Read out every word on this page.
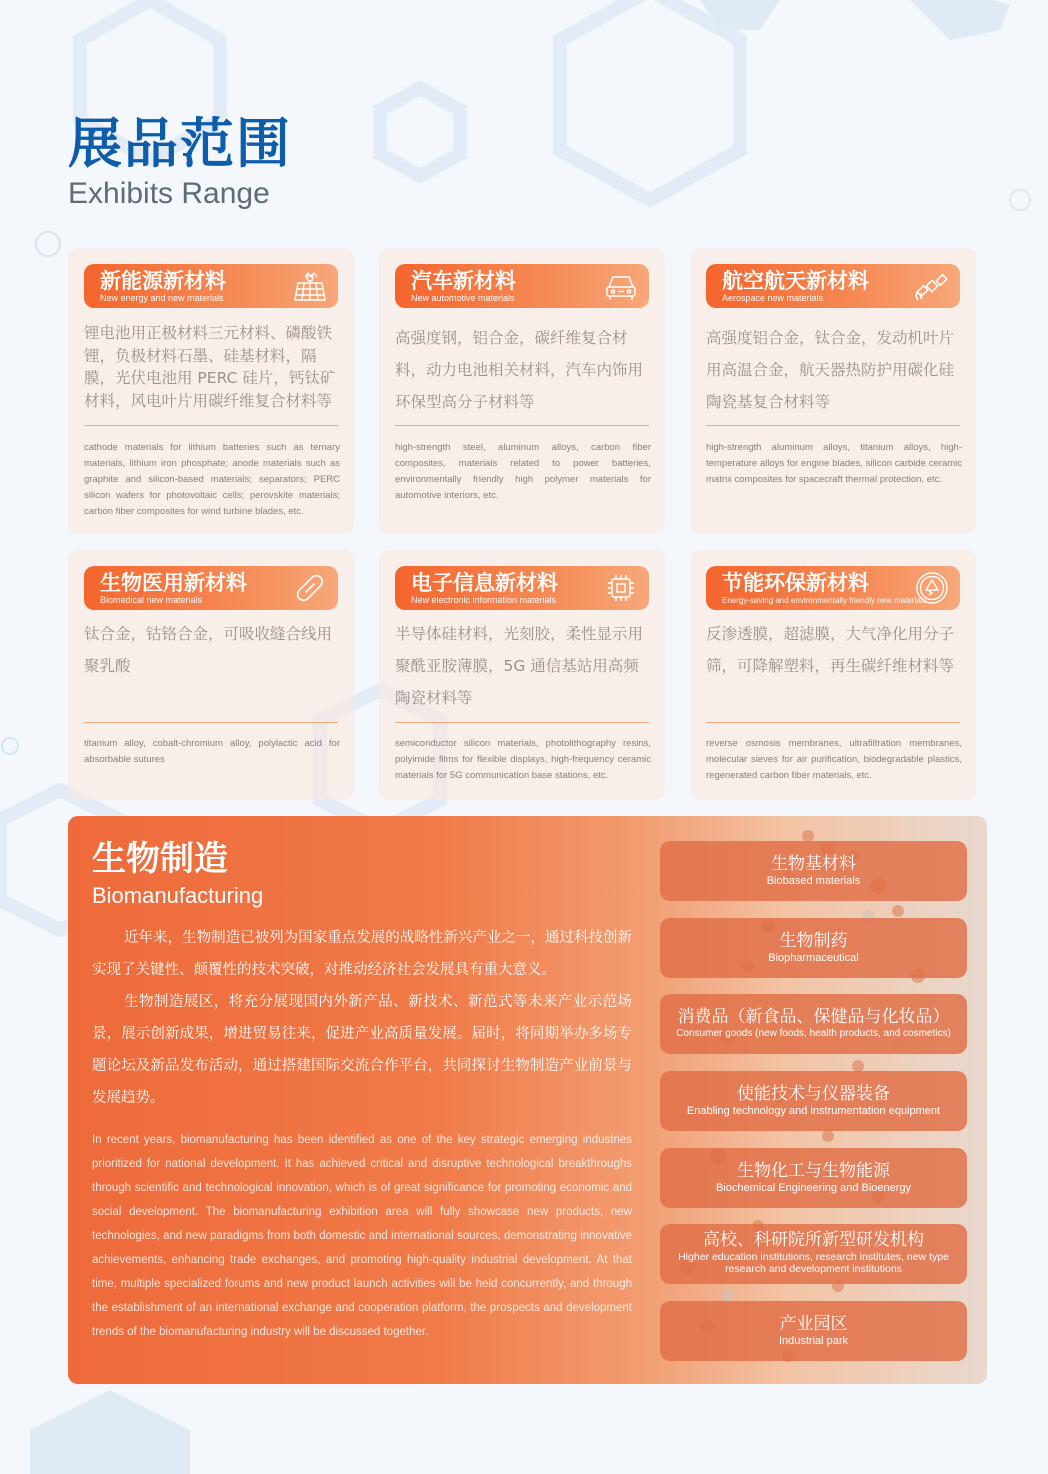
展品范围
Exhibits Range
新能源新材料
New energy and new materials
锂电池用正极材料三元材料、磷酸铁锂，负极材料石墨、硅基材料，隔膜，光伏电池用 PERC 硅片，钙钛矿材料，风电叶片用碳纤维复合材料等
cathode materials for lithium batteries such as ternary materials, lithium iron phosphate; anode materials such as graphite and silicon-based materials; separators; PERC silicon wafers for photovoltaic cells; perovskite materials; carbon fiber composites for wind turbine blades, etc.
汽车新材料
New automotive materials
高强度钢，铝合金，碳纤维复合材料，动力电池相关材料，汽车内饰用环保型高分子材料等
high-strength steel, aluminum alloys, carbon fiber composites, materials related to power batteries, environmentally friendly high polymer materials for automotive interiors, etc.
航空航天新材料
Aerospace new materials
高强度铝合金，钛合金，发动机叶片用高温合金，航天器热防护用碳化硅陶瓷基复合材料等
high-strength aluminum alloys, titanium alloys, high-temperature alloys for engine blades, silicon carbide ceramic matrix composites for spacecraft thermal protection, etc.
生物医用新材料
Biomedical new materials
钛合金，钴铬合金，可吸收缝合线用聚乳酸
titanium alloy, cobalt-chromium alloy, polylactic acid for absorbable sutures
电子信息新材料
New electronic information materials
半导体硅材料，光刻胶，柔性显示用聚酰亚胺薄膜，5G 通信基站用高频陶瓷材料等
semiconductor silicon materials, photolithography resins, polyimide films for flexible displays, high-frequency ceramic materials for 5G communication base stations, etc.
节能环保新材料
Energy-saving and environmentally friendly new materials
反渗透膜，超滤膜，大气净化用分子筛，可降解塑料，再生碳纤维材料等
reverse osmosis membranes, ultrafiltration membranes, molecular sieves for air purification, biodegradable plastics, regenerated carbon fiber materials, etc.
生物制造
Biomanufacturing

近年来，生物制造已被列为国家重点发展的战略性新兴产业之一，通过科技创新实现了关键性、颠覆性的技术突破，对推动经济社会发展具有重大意义。

生物制造展区，将充分展现国内外新产品、新技术、新范式等未来产业示范场景，展示创新成果，增进贸易往来，促进产业高质量发展。届时，将同期举办多场专题论坛及新品发布活动，通过搭建国际交流合作平台，共同探讨生物制造产业前景与发展趋势。

In recent years, biomanufacturing has been identified as one of the key strategic emerging industries prioritized for national development. It has achieved critical and disruptive technological breakthroughs through scientific and technological innovation, which is of great significance for promoting economic and social development. The biomanufacturing exhibition area will fully showcase new products, new technologies, and new paradigms from both domestic and international sources, demonstrating innovative achievements, enhancing trade exchanges, and promoting high-quality industrial development. At that time, multiple specialized forums and new product launch activities will be held concurrently, and through the establishment of an international exchange and cooperation platform, the prospects and development trends of the biomanufacturing industry will be discussed together.

生物基材料
Biobased materials
生物制药
Biopharmaceutical
消费品（新食品、保健品与化妆品）
Consumer goods (new foods, health products, and cosmetics)
使能技术与仪器装备
Enabling technology and instrumentation equipment
生物化工与生物能源
Biochemical Engineering and Bioenergy
高校、科研院所新型研发机构
Higher education institutions, research institutes, new type research and development institutions
产业园区
Industrial park
